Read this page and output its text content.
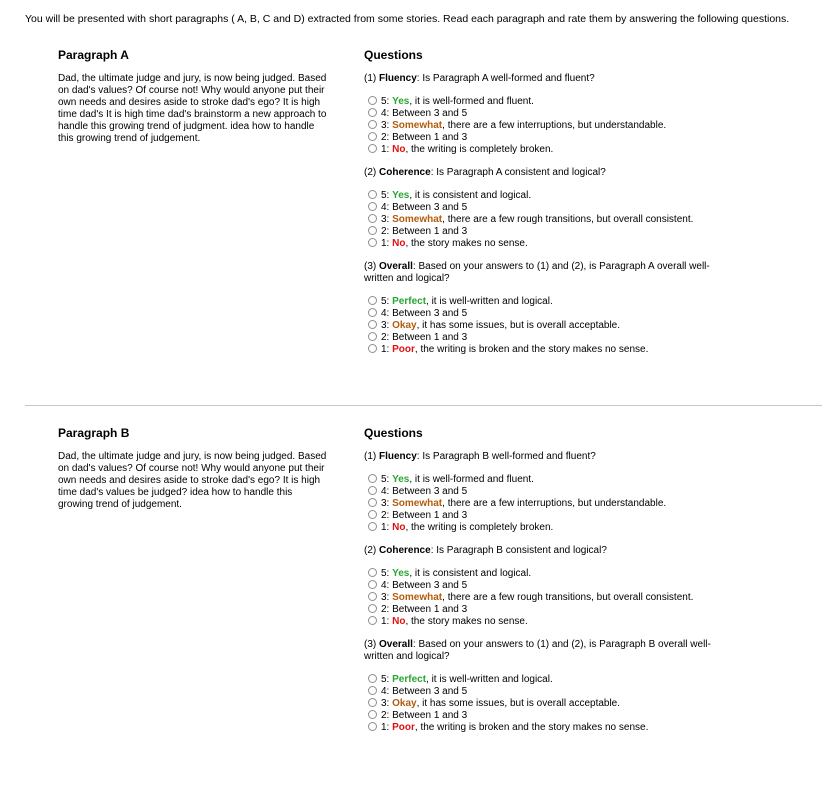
You will be presented with short paragraphs ( A, B, C and D) extracted from some stories. Read each paragraph and rate them by answering the following questions.
Paragraph A	Questions
Dad, the ultimate judge and jury, is now being judged. Based on dad's values? Of course not! Why would anyone put their own needs and desires aside to stroke dad's ego? It is high time dad's It is high time dad's brainstorm a new approach to handle this growing trend of judgment. idea how to handle this growing trend of judgement.
(1) Fluency: Is Paragraph A well-formed and fluent?
5: Yes, it is well-formed and fluent.
4: Between 3 and 5
3: Somewhat, there are a few interruptions, but understandable.
2: Between 1 and 3
1: No, the writing is completely broken.
(2) Coherence: Is Paragraph A consistent and logical?
5: Yes, it is consistent and logical.
4: Between 3 and 5
3: Somewhat, there are a few rough transitions, but overall consistent.
2: Between 1 and 3
1: No, the story makes no sense.
(3) Overall: Based on your answers to (1) and (2), is Paragraph A overall well-written and logical?
5: Perfect, it is well-written and logical.
4: Between 3 and 5
3: Okay, it has some issues, but is overall acceptable.
2: Between 1 and 3
1: Poor, the writing is broken and the story makes no sense.
Paragraph B	Questions
Dad, the ultimate judge and jury, is now being judged. Based on dad's values? Of course not! Why would anyone put their own needs and desires aside to stroke dad's ego? It is high time dad's values be judged? idea how to handle this growing trend of judgement.
(1) Fluency: Is Paragraph B well-formed and fluent?
5: Yes, it is well-formed and fluent.
4: Between 3 and 5
3: Somewhat, there are a few interruptions, but understandable.
2: Between 1 and 3
1: No, the writing is completely broken.
(2) Coherence: Is Paragraph B consistent and logical?
5: Yes, it is consistent and logical.
4: Between 3 and 5
3: Somewhat, there are a few rough transitions, but overall consistent.
2: Between 1 and 3
1: No, the story makes no sense.
(3) Overall: Based on your answers to (1) and (2), is Paragraph B overall well-written and logical?
5: Perfect, it is well-written and logical.
4: Between 3 and 5
3: Okay, it has some issues, but is overall acceptable.
2: Between 1 and 3
1: Poor, the writing is broken and the story makes no sense.
